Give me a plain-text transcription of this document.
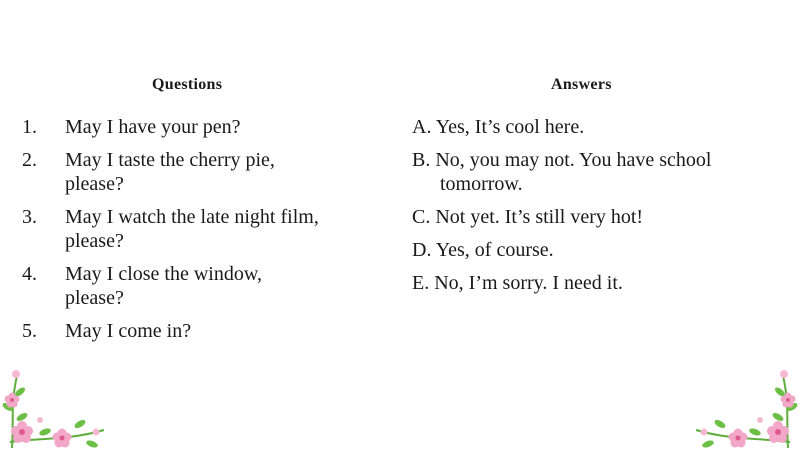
Questions	Answers
1. May I have your pen?
2. May I taste the cherry pie, please?
3. May I watch the late night film, please?
4. May I close the window, please?
5. May I come in?
A. Yes, It’s cool here.
B. No, you may not. You have school tomorrow.
C. Not yet. It’s still very hot!
D. Yes, of course.
E. No, I’m sorry. I need it.
